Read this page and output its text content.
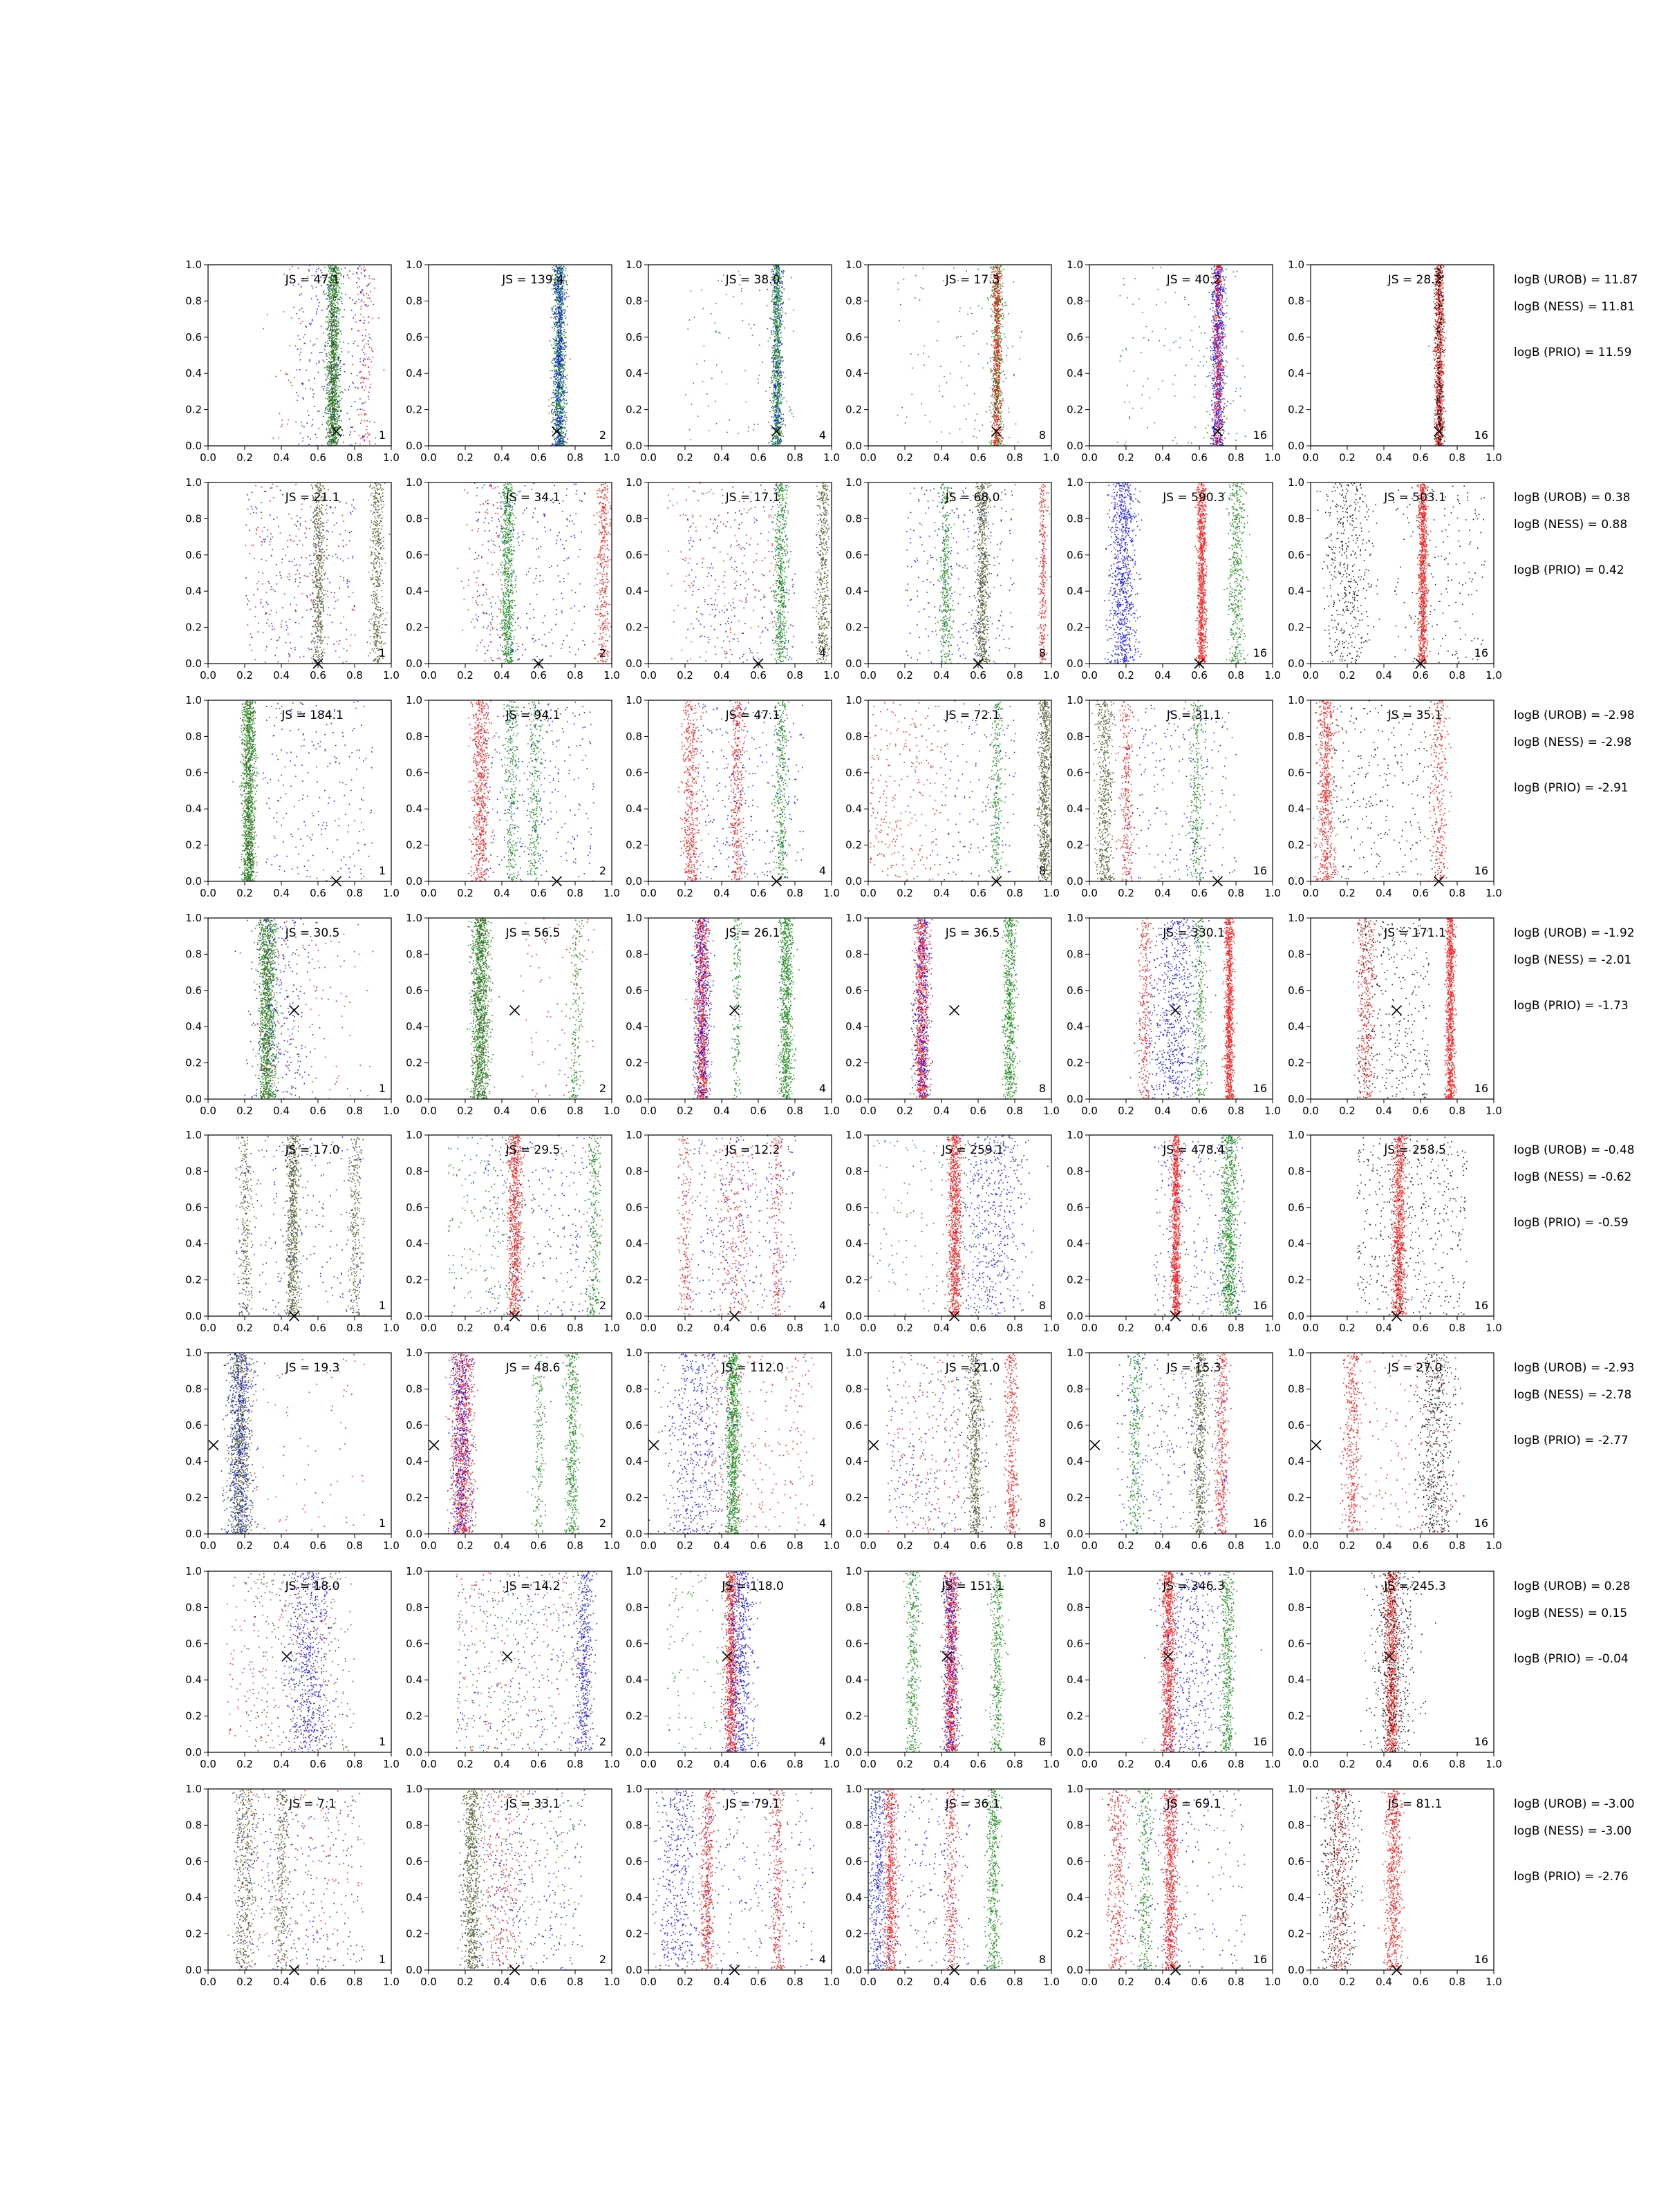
0.0 0.2 0.4 0.6 0.8 1.0
0.0
0.2
0.4
0.6
0.8
1.0
JS = 47.1
1
0.0 0.2 0.4 0.6 0.8 1.0
0.0
0.2
0.4
0.6
0.8
1.0
JS = 139.4
2
0.0 0.2 0.4 0.6 0.8 1.0
0.0
0.2
0.4
0.6
0.8
1.0
JS = 38.0
4
0.0 0.2 0.4 0.6 0.8 1.0
0.0
0.2
0.4
0.6
0.8
1.0
JS = 17.3
8
0.0 0.2 0.4 0.6 0.8 1.0
0.0
0.2
0.4
0.6
0.8
1.0
JS = 40.2
16
0.0 0.2 0.4 0.6 0.8 1.0
0.0
0.2
0.4
0.6
0.8
1.0
JS = 28.2
16
logB (UROB) = 11.87
logB (NESS) = 11.81
logB (PRIO) = 11.59
0.0 0.2 0.4 0.6 0.8 1.0
0.0
0.2
0.4
0.6
0.8
1.0
JS = 21.1
1
0.0 0.2 0.4 0.6 0.8 1.0
0.0
0.2
0.4
0.6
0.8
1.0
JS = 34.1
2
0.0 0.2 0.4 0.6 0.8 1.0
0.0
0.2
0.4
0.6
0.8
1.0
JS = 17.1
4
0.0 0.2 0.4 0.6 0.8 1.0
0.0
0.2
0.4
0.6
0.8
1.0
JS = 68.0
8
0.0 0.2 0.4 0.6 0.8 1.0
0.0
0.2
0.4
0.6
0.8
1.0
JS = 590.3
16
0.0 0.2 0.4 0.6 0.8 1.0
0.0
0.2
0.4
0.6
0.8
1.0
JS = 503.1
16
logB (UROB) = 0.38
logB (NESS) = 0.88
logB (PRIO) = 0.42
0.0 0.2 0.4 0.6 0.8 1.0
0.0
0.2
0.4
0.6
0.8
1.0
JS = 184.1
1
0.0 0.2 0.4 0.6 0.8 1.0
0.0
0.2
0.4
0.6
0.8
1.0
JS = 94.1
2
0.0 0.2 0.4 0.6 0.8 1.0
0.0
0.2
0.4
0.6
0.8
1.0
JS = 47.1
4
0.0 0.2 0.4 0.6 0.8 1.0
0.0
0.2
0.4
0.6
0.8
1.0
JS = 72.1
8
0.0 0.2 0.4 0.6 0.8 1.0
0.0
0.2
0.4
0.6
0.8
1.0
JS = 31.1
16
0.0 0.2 0.4 0.6 0.8 1.0
0.0
0.2
0.4
0.6
0.8
1.0
JS = 35.1
16
logB (UROB) = -2.98
logB (NESS) = -2.98
logB (PRIO) = -2.91
0.0 0.2 0.4 0.6 0.8 1.0
0.0
0.2
0.4
0.6
0.8
1.0
JS = 30.5
1
0.0 0.2 0.4 0.6 0.8 1.0
0.0
0.2
0.4
0.6
0.8
1.0
JS = 56.5
2
0.0 0.2 0.4 0.6 0.8 1.0
0.0
0.2
0.4
0.6
0.8
1.0
JS = 26.1
4
0.0 0.2 0.4 0.6 0.8 1.0
0.0
0.2
0.4
0.6
0.8
1.0
JS = 36.5
8
0.0 0.2 0.4 0.6 0.8 1.0
0.0
0.2
0.4
0.6
0.8
1.0
JS = 330.1
16
0.0 0.2 0.4 0.6 0.8 1.0
0.0
0.2
0.4
0.6
0.8
1.0
JS = 171.1
16
logB (UROB) = -1.92
logB (NESS) = -2.01
logB (PRIO) = -1.73
0.0 0.2 0.4 0.6 0.8 1.0
0.0
0.2
0.4
0.6
0.8
1.0
JS = 17.0
1
0.0 0.2 0.4 0.6 0.8 1.0
0.0
0.2
0.4
0.6
0.8
1.0
JS = 29.5
2
0.0 0.2 0.4 0.6 0.8 1.0
0.0
0.2
0.4
0.6
0.8
1.0
JS = 12.2
4
0.0 0.2 0.4 0.6 0.8 1.0
0.0
0.2
0.4
0.6
0.8
1.0
JS = 259.1
8
0.0 0.2 0.4 0.6 0.8 1.0
0.0
0.2
0.4
0.6
0.8
1.0
JS = 478.4
16
0.0 0.2 0.4 0.6 0.8 1.0
0.0
0.2
0.4
0.6
0.8
1.0
JS = 258.5
16
logB (UROB) = -0.48
logB (NESS) = -0.62
logB (PRIO) = -0.59
0.0 0.2 0.4 0.6 0.8 1.0
0.0
0.2
0.4
0.6
0.8
1.0
JS = 19.3
1
0.0 0.2 0.4 0.6 0.8 1.0
0.0
0.2
0.4
0.6
0.8
1.0
JS = 48.6
2
0.0 0.2 0.4 0.6 0.8 1.0
0.0
0.2
0.4
0.6
0.8
1.0
JS = 112.0
4
0.0 0.2 0.4 0.6 0.8 1.0
0.0
0.2
0.4
0.6
0.8
1.0
JS = 21.0
8
0.0 0.2 0.4 0.6 0.8 1.0
0.0
0.2
0.4
0.6
0.8
1.0
JS = 15.3
16
0.0 0.2 0.4 0.6 0.8 1.0
0.0
0.2
0.4
0.6
0.8
1.0
JS = 27.0
16
logB (UROB) = -2.93
logB (NESS) = -2.78
logB (PRIO) = -2.77
0.0 0.2 0.4 0.6 0.8 1.0
0.0
0.2
0.4
0.6
0.8
1.0
JS = 18.0
1
0.0 0.2 0.4 0.6 0.8 1.0
0.0
0.2
0.4
0.6
0.8
1.0
JS = 14.2
2
0.0 0.2 0.4 0.6 0.8 1.0
0.0
0.2
0.4
0.6
0.8
1.0
JS = 118.0
4
0.0 0.2 0.4 0.6 0.8 1.0
0.0
0.2
0.4
0.6
0.8
1.0
JS = 151.1
8
0.0 0.2 0.4 0.6 0.8 1.0
0.0
0.2
0.4
0.6
0.8
1.0
JS = 346.3
16
0.0 0.2 0.4 0.6 0.8 1.0
0.0
0.2
0.4
0.6
0.8
1.0
JS = 245.3
16
logB (UROB) = 0.28
logB (NESS) = 0.15
logB (PRIO) = -0.04
0.0 0.2 0.4 0.6 0.8 1.0
0.0
0.2
0.4
0.6
0.8
1.0
JS = 7.1
1
0.0 0.2 0.4 0.6 0.8 1.0
0.0
0.2
0.4
0.6
0.8
1.0
JS = 33.1
2
0.0 0.2 0.4 0.6 0.8 1.0
0.0
0.2
0.4
0.6
0.8
1.0
JS = 79.1
4
0.0 0.2 0.4 0.6 0.8 1.0
0.0
0.2
0.4
0.6
0.8
1.0
JS = 36.1
8
0.0 0.2 0.4 0.6 0.8 1.0
0.0
0.2
0.4
0.6
0.8
1.0
JS = 69.1
16
0.0 0.2 0.4 0.6 0.8 1.0
0.0
0.2
0.4
0.6
0.8
1.0
JS = 81.1
16
logB (UROB) = -3.00
logB (NESS) = -3.00
logB (PRIO) = -2.76
